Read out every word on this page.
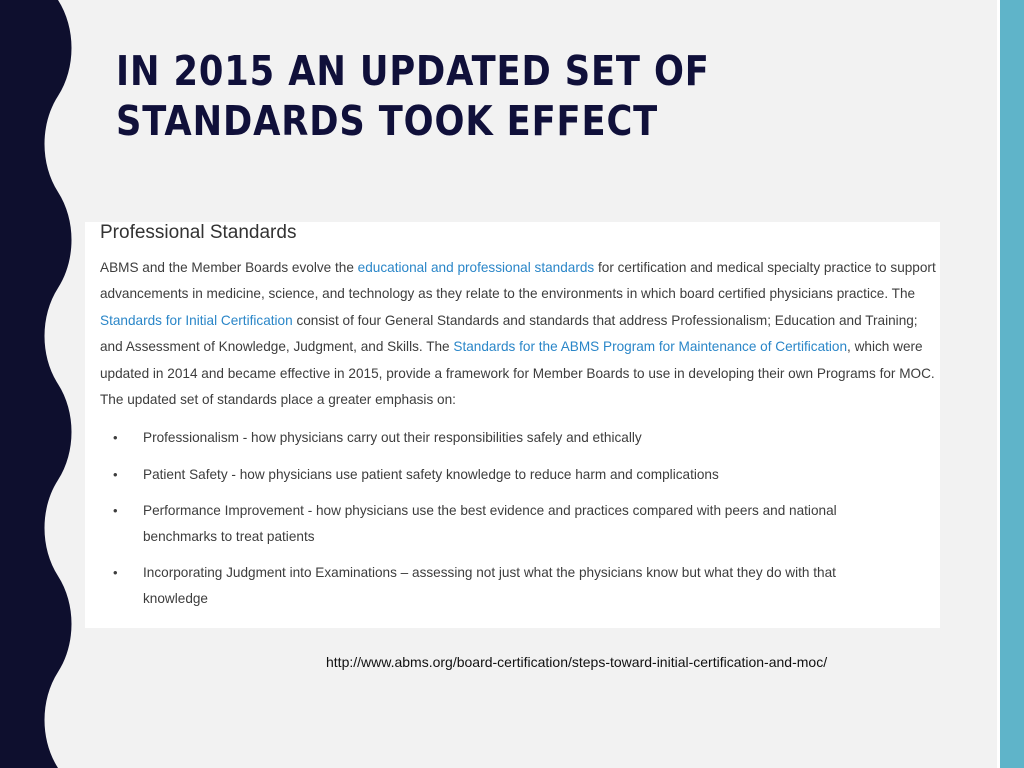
IN 2015 AN UPDATED SET OF STANDARDS TOOK EFFECT
Professional Standards

ABMS and the Member Boards evolve the educational and professional standards for certification and medical specialty practice to support advancements in medicine, science, and technology as they relate to the environments in which board certified physicians practice. The Standards for Initial Certification consist of four General Standards and standards that address Professionalism; Education and Training; and Assessment of Knowledge, Judgment, and Skills. The Standards for the ABMS Program for Maintenance of Certification, which were updated in 2014 and became effective in 2015, provide a framework for Member Boards to use in developing their own Programs for MOC. The updated set of standards place a greater emphasis on:

• Professionalism - how physicians carry out their responsibilities safely and ethically
• Patient Safety - how physicians use patient safety knowledge to reduce harm and complications
• Performance Improvement - how physicians use the best evidence and practices compared with peers and national benchmarks to treat patients
• Incorporating Judgment into Examinations – assessing not just what the physicians know but what they do with that knowledge

http://www.abms.org/board-certification/steps-toward-initial-certification-and-moc/
